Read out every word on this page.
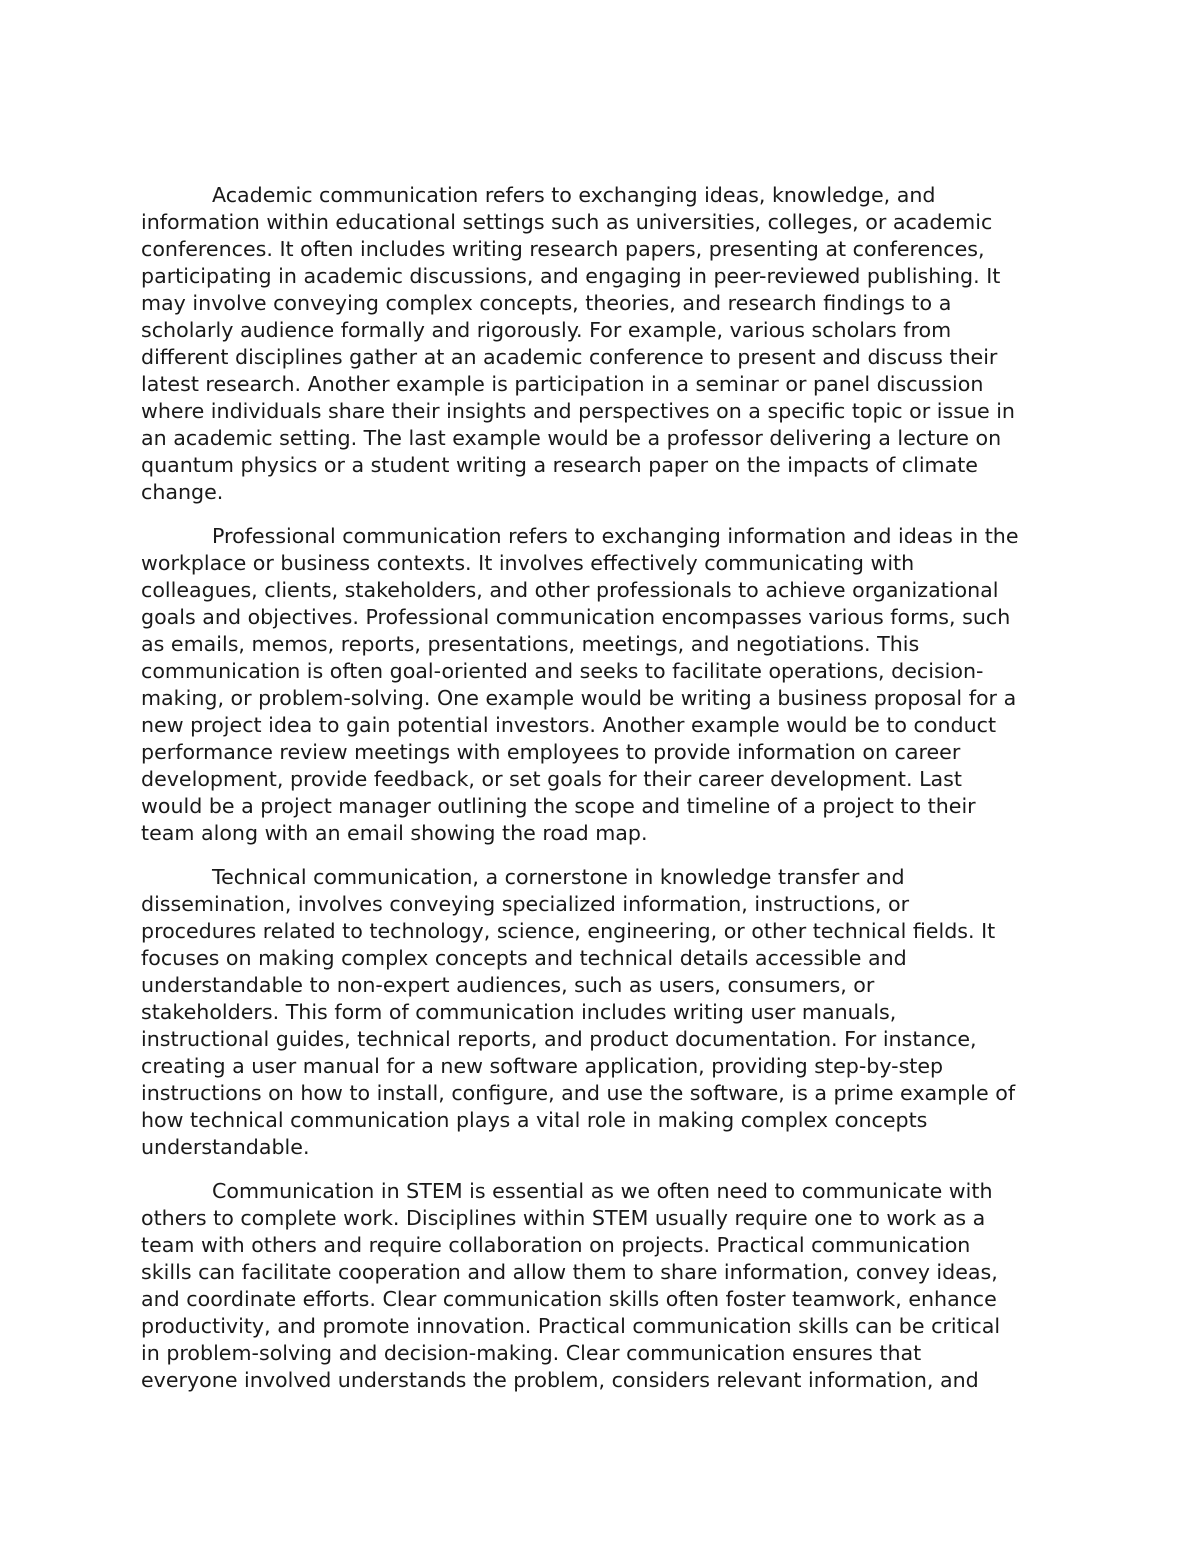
Academic communication refers to exchanging ideas, knowledge, and
information within educational settings such as universities, colleges, or academic
conferences. It often includes writing research papers, presenting at conferences,
participating in academic discussions, and engaging in peer-reviewed publishing. It
may involve conveying complex concepts, theories, and research findings to a
scholarly audience formally and rigorously. For example, various scholars from
different disciplines gather at an academic conference to present and discuss their
latest research. Another example is participation in a seminar or panel discussion
where individuals share their insights and perspectives on a specific topic or issue in
an academic setting. The last example would be a professor delivering a lecture on
quantum physics or a student writing a research paper on the impacts of climate
change.

Professional communication refers to exchanging information and ideas in the
workplace or business contexts. It involves effectively communicating with
colleagues, clients, stakeholders, and other professionals to achieve organizational
goals and objectives. Professional communication encompasses various forms, such
as emails, memos, reports, presentations, meetings, and negotiations. This
communication is often goal-oriented and seeks to facilitate operations, decision-
making, or problem-solving. One example would be writing a business proposal for a
new project idea to gain potential investors. Another example would be to conduct
performance review meetings with employees to provide information on career
development, provide feedback, or set goals for their career development. Last
would be a project manager outlining the scope and timeline of a project to their
team along with an email showing the road map.

Technical communication, a cornerstone in knowledge transfer and
dissemination, involves conveying specialized information, instructions, or
procedures related to technology, science, engineering, or other technical fields. It
focuses on making complex concepts and technical details accessible and
understandable to non-expert audiences, such as users, consumers, or
stakeholders. This form of communication includes writing user manuals,
instructional guides, technical reports, and product documentation. For instance,
creating a user manual for a new software application, providing step-by-step
instructions on how to install, configure, and use the software, is a prime example of
how technical communication plays a vital role in making complex concepts
understandable.

Communication in STEM is essential as we often need to communicate with
others to complete work. Disciplines within STEM usually require one to work as a
team with others and require collaboration on projects. Practical communication
skills can facilitate cooperation and allow them to share information, convey ideas,
and coordinate efforts. Clear communication skills often foster teamwork, enhance
productivity, and promote innovation. Practical communication skills can be critical
in problem-solving and decision-making. Clear communication ensures that
everyone involved understands the problem, considers relevant information, and
